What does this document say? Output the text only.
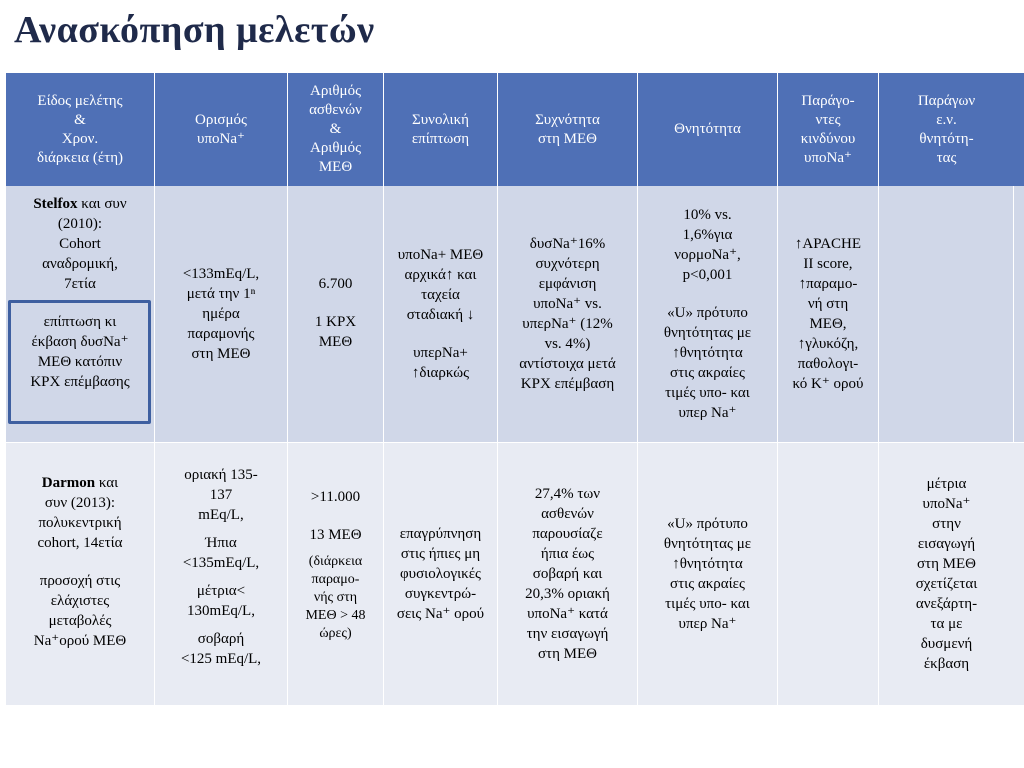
Ανασκόπηση μελετών
Είδος μελέτης
&
Χρον.
διάρκεια (έτη)
Ορισμός
υποNa⁺
Αριθμός
ασθενών
&
Αριθμός
ΜΕΘ
Συνολική
επίπτωση
Συχνότητα
στη ΜΕΘ
Θνητότητα
Παράγο-
ντες
κινδύνου
υποNa⁺
Παράγων
ε.ν.
θνητότη-
τας
Stelfox και συν
(2010):
Cohort
αναδρομική,
7ετία
επίπτωση κι
έκβαση δυσNa⁺
ΜΕΘ κατόπιν
ΚΡΧ επέμβασης
<133mEq/L,
μετά την 1ⁿ
ημέρα
παραμονής
στη ΜΕΘ
6.700
1 ΚΡΧ
ΜΕΘ
υποNa+ ΜΕΘ
αρχικά↑ και
ταχεία
σταδιακή ↓
υπερNa+
↑διαρκώς
δυσNa⁺16%
συχνότερη
εμφάνιση
υποNa⁺ vs.
υπερNa⁺ (12%
vs. 4%)
αντίστοιχα μετά
ΚΡΧ επέμβαση
10% vs.
1,6%για
νορμοNa⁺,
p<0,001
«U» πρότυπο
θνητότητας με
↑θνητότητα
στις ακραίες
τιμές υπο- και
υπερ Na⁺
↑APACHE
II score,
↑παραμο-
νή στη
ΜΕΘ,
↑γλυκόζη,
παθολογι-
κό K⁺ ορού
Darmon και
συν (2013):
πολυκεντρική
cohort, 14ετία
προσοχή στις
ελάχιστες
μεταβολές
Na⁺ορού ΜΕΘ
οριακή 135-
137
mEq/L,
Ήπια
<135mEq/L,
μέτρια<
130mEq/L,
σοβαρή
<125 mEq/L,
>11.000
13 ΜΕΘ
(διάρκεια
παραμο-
νής στη
ΜΕΘ > 48
ώρες)
επαγρύπνηση
στις ήπιες μη
φυσιολογικές
συγκεντρώ-
σεις Na⁺ ορού
27,4% των
ασθενών
παρουσίαζε
ήπια έως
σοβαρή και
20,3% οριακή
υποNa⁺ κατά
την εισαγωγή
στη ΜΕΘ
«U» πρότυπο
θνητότητας με
↑θνητότητα
στις ακραίες
τιμές υπο- και
υπερ Na⁺
μέτρια
υποNa⁺
στην
εισαγωγή
στη ΜΕΘ
σχετίζεται
ανεξάρτη-
τα με
δυσμενή
έκβαση
